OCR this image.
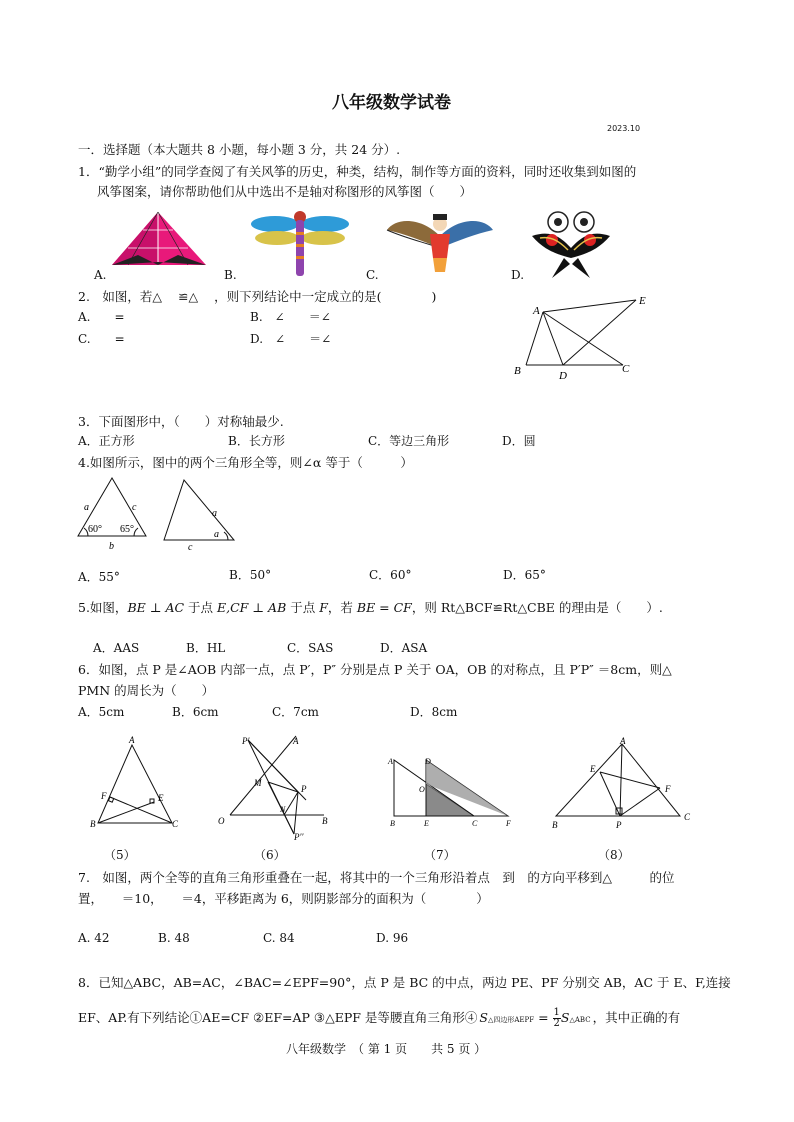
八年级数学试卷
2023.10
一．选择题（本大题共 8 小题，每小题 3 分，共 24 分）.
1．“勤学小组”的同学查阅了有关风筝的历史，种类，结构，制作等方面的资料，同时还收集到如图的
风筝图案，请你帮助他们从中选出不是轴对称图形的风筝图（　　）
A.	B.	C.	D.
2.　如图，若△ ≌△ ，则下列结论中一定成立的是(　　　　)
A.　　=	B.　∠　　＝∠
C.　　=	D.　∠　　＝∠
A
E
B	D
C
3．下面图形中，（　　）对称轴最少.
A．正方形	B．长方形	C．等边三角形	D．圆
4.如图所示，图中的两个三角形全等，则∠α 等于（　　　）
a	c
60° 65°
b
a
c
a
A．55°	B．50°	C．60°	D．65°
5.如图，BE ⊥ AC 于点 E,CF ⊥ AB 于点 F，若 BE = CF，则 Rt△BCF≌Rt△CBE 的理由是（　　）.
A．AAS	B．HL	C．SAS	D．ASA
6．如图，点 P 是∠AOB 内部一点，点 P′，P″ 分别是点 P 关于 OA，OB 的对称点，且 P′P″ ＝8cm，则△
PMN 的周长为（　　）
A．5cm	B．6cm	C．7cm	D．8cm
A
F	E
B	C
（5）
P′	A
M
P
O
N
B
P′′
（6）
A	D
O
B	E	C	F
（7）
A
E
F
B	P
C
（8）
7.　如图，两个全等的直角三角形重叠在一起，将其中的一个三角形沿着点　到　的方向平移到△　　　的位
置，　　＝10，　　＝4，平移距离为 6，则阴影部分的面积为（　　　　）
A. 42	B. 48	C. 84	D. 96
8．已知△ABC，AB=AC，∠BAC=∠EPF=90°，点 P 是 BC 的中点，两边 PE、PF 分别交 AB，AC 于 E、F,连接
EF、AP.有下列结论①AE=CF ②EF=AP ③△EPF 是等腰直角三角形④ S△四边形AEPF = $\frac{1}{2}$ S△ABC ，其中正确的有
八年级数学　（ 第 1 页　　共 5 页 ）
